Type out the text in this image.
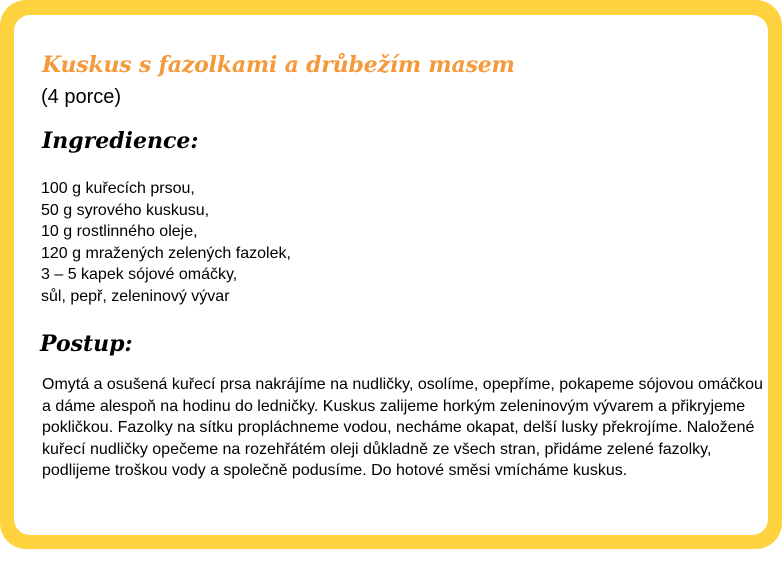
Kuskus s fazolkami a drůbežím masem

(4 porce)

Ingredience:
100 g kuřecích prsou,
50 g syrového kuskusu,
10 g rostlinného oleje,
120 g mražených zelených fazolek,
3 – 5 kapek sójové omáčky,
sůl, pepř, zeleninový vývar
Postup:

Omytá a osušená kuřecí prsa nakrájíme na nudličky, osolíme, opepříme, pokapeme sójovou omáčkou a dáme alespoň na hodinu do ledničky. Kuskus zalijeme horkým zeleninovým vývarem a přikryjeme pokličkou. Fazolky na sítku propláchneme vodou, necháme okapat, delší lusky překrojíme. Naložené kuřecí nudličky opečeme na rozehřátém oleji důkladně ze všech stran, přidáme zelené fazolky, podlijeme troškou vody a společně podusíme. Do hotové směsi vmícháme kuskus.
